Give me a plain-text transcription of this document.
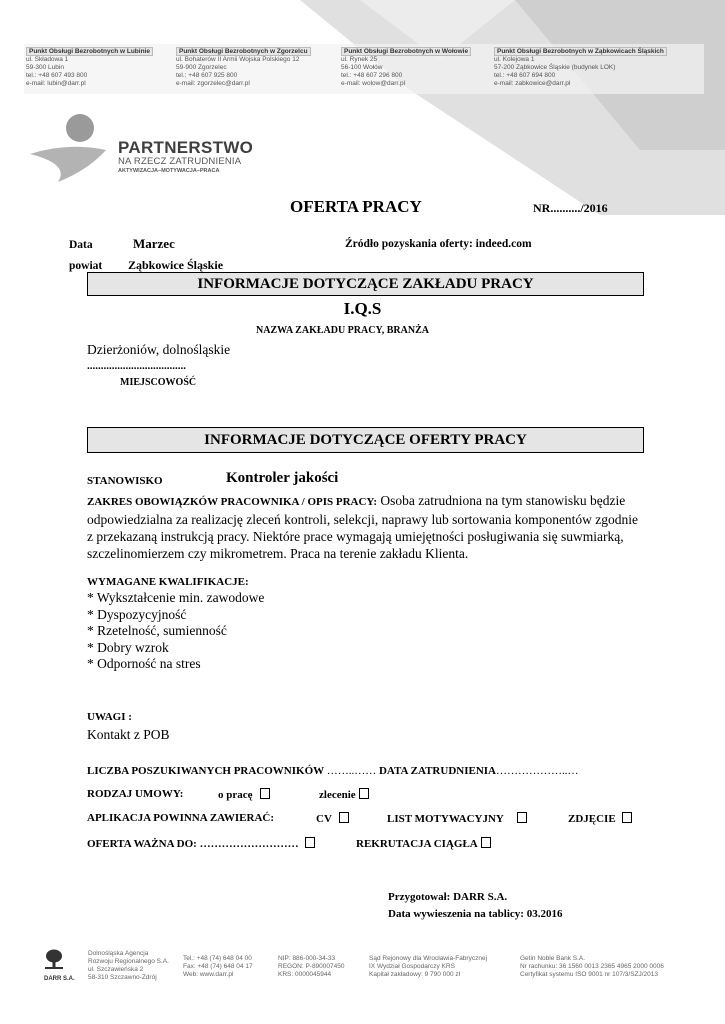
Punkt Obsługi Bezrobotnych w Lubinie
ul. Składowa 1
59-300 Lubin
tel.: +48 607 493 800
e-mail: lubin@darr.pl
Punkt Obsługi Bezrobotnych w Zgorzelcu
ul. Bohaterów II Armii Wojska Polskiego 12
59-900 Zgorzelec
tel.: +48 607 925 800
e-mail: zgorzelec@darr.pl
Punkt Obsługi Bezrobotnych w Wołowie
ul. Rynek 25
56-100 Wołów
tel.: +48 607 296 800
e-mail: wolow@darr.pl
Punkt Obsługi Bezrobotnych w Ząbkowicach Śląskich
ul. Kolejowa 1
57-200 Ząbkowice Śląskie (budynek LOK)
tel.: +48 607 694 800
e-mail: zabkowice@darr.pl
PARTNERSTWO
NA RZECZ ZATRUDNIENIA
AKTYWIZACJA–MOTYWACJA–PRACA
OFERTA PRACY	NR........../2016
Data	Marzec	Źródło pozyskania oferty: indeed.com
powiat Ząbkowice Śląskie
INFORMACJE DOTYCZĄCE ZAKŁADU PRACY
I.Q.S
NAZWA ZAKŁADU PRACY, BRANŻA
Dzierżoniów, dolnośląskie
....................................
MIEJSCOWOŚĆ
INFORMACJE DOTYCZĄCE OFERTY PRACY
STANOWISKO	Kontroler jakości
ZAKRES OBOWIĄZKÓW PRACOWNIKA / OPIS PRACY: Osoba zatrudniona na tym stanowisku będzie odpowiedzialna za realizację zleceń kontroli, selekcji, naprawy lub sortowania komponentów zgodnie z przekazaną instrukcją pracy. Niektóre prace wymagają umiejętności posługiwania się suwmiarką, szczelinomierzem czy mikrometrem. Praca na terenie zakładu Klienta.
WYMAGANE KWALIFIKACJE:
* Wykształcenie min. zawodowe
* Dyspozycyjność
* Rzetelność, sumienność
* Dobry wzrok
* Odporność na stres
UWAGI :
Kontakt z POB
LICZBA POSZUKIWANYCH PRACOWNIKÓW ……..…… DATA ZATRUDNIENIA………………..…
RODZAJ UMOWY:	o pracę	zlecenie
APLIKACJA POWINNA ZAWIERAĆ:	CV	LIST MOTYWACYJNY	ZDJĘCIE
OFERTA WAŻNA DO: ………………………	REKRUTACJA CIĄGŁA
Przygotował: DARR S.A.
Data wywieszenia na tablicy: 03.2016
DARR S.A.
Dolnośląska Agencja
Rozwoju Regionalnego S.A.
ul. Szczawieńska 2
58-310 Szczawno-Zdrój
Tel.: +48 (74) 648 04 00
Fax: +48 (74) 648 04 17
Web: www.darr.pl
NIP: 886-000-34-33
REGON: P-890007450
KRS: 0000045944
Sąd Rejonowy dla Wrocławia-Fabrycznej
IX Wydział Gospodarczy KRS
Kapitał zakładowy: 9 790 000 zł
Getin Noble Bank S.A.
Nr rachunku: 36 1560 0013 2365 4965 2000 0006
Certyfikat systemu ISO 9001 nr 107/3/SZJ/2013
